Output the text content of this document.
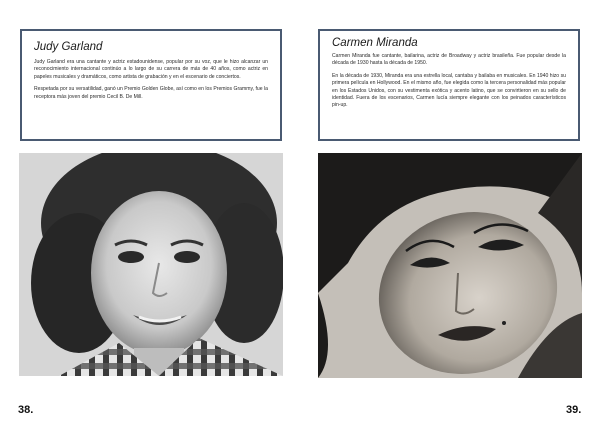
Judy Garland

Judy Garland era una cantante y actriz estadounidense, popular por su voz, que le hizo alcanzar un reconocimiento internacional continúo a lo largo de su carrera de más de 40 años, como actriz en papeles musicales y dramáticos, como artista de grabación y en el escenario de conciertos.

Respetada por su versatilidad, ganó un Premio Golden Globe, así como en los Premios Grammy, fue la receptora más joven del premio Cecil B. De Mill.

38.
Carmen Miranda

Carmen Miranda fue cantante, bailarina, actriz de Broadway y actriz brasileña. Fue popular desde la década de 1930 hasta la década de 1950.

En la década de 1930, Miranda era una estrella local, cantaba y bailaba en musicales. En 1940 hizo su primera película en Hollywood. En el mismo año, fue elegida como la tercera personalidad más popular en los Estados Unidos, con su vestimenta exótica y acento latino, que se convirtieron en su sello de identidad. Fuera de los escenarios, Carmen lucía siempre elegante con los peinados característicos pin-up.

39.
